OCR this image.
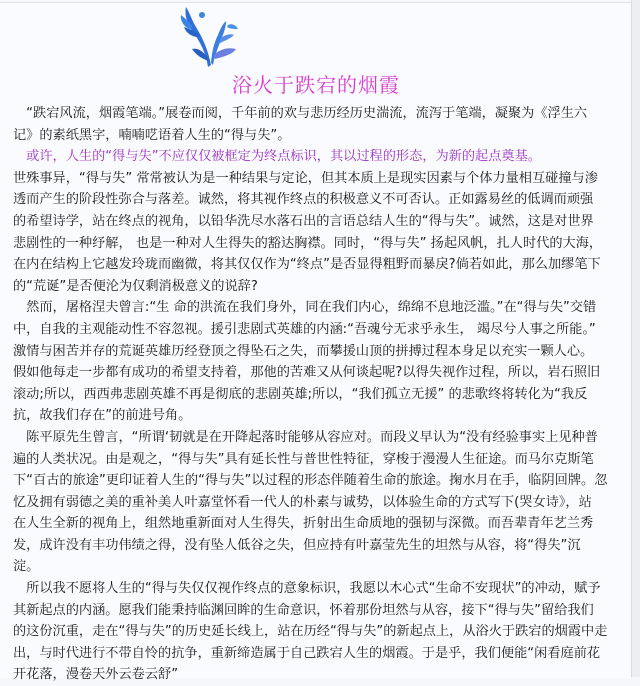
浴火于跌宕的烟霞
　“跌宕风流，烟霞笔端。”展卷而阅，千年前的欢与悲历经历史湍流，流泻于笔端，凝聚为《浮生六
记》的素纸黑字，喃喃呓语着人生的“得与失”。
　或许，人生的“得与失”不应仅仅被框定为终点标识，其以过程的形态，为新的起点奠基。
世殊事异，“得与失” 常常被认为是一种结果与定论，但其本质上是现实因素与个体力量相互碰撞与渗
透而产生的阶段性弥合与落差。诚然，将其视作终点的积极意义不可否认。正如露易丝的低调而顽强
的希望诗学，站在终点的视角，以铅华洗尽水落石出的言语总结人生的“得与失”。诚然，这是对世界
悲剧性的一种纾解， 也是一种对人生得失的豁达胸襟。同时，“得与失” 扬起风帆，扎人时代的大海，
在内在结构上它越发玲珑而幽微，将其仅仅作为“终点”是否显得粗野而暴戾?倘若如此，那么加缪笔下
的“荒诞”是否便沦为仅剩消极意义的说辞?
　然而，屠格涅夫曾言:“生 命的洪流在我们身外，同在我们内心，绵绵不息地泛滥。”在“得与失”交错
中，自我的主观能动性不容忽视。援引悲剧式英雄的内涵:“吾魂兮无求乎永生， 竭尽兮人事之所能。”
激情与困苦并存的荒诞英雄历经登顶之得坠石之失，而攀援山顶的拼搏过程本身足以充实一颗人心。
假如他每走一步都有成功的希望支持着，那他的苦难又从何谈起呢?以得失视作过程，所以，岩石照旧
滚动;所以，西西弗悲剧英雄不再是彻底的悲剧英雄;所以，“我们孤立无援” 的悲歌终将转化为“我反
抗，故我们存在”的前进号角。
　陈平原先生曾言，“所谓‘韧就是在开降起落时能够从容应对。而段义早认为“没有经验事实上见种普
遍的人类状况。由是观之，“得与失”具有延长性与普世性特征，穿梭于漫漫人生征途。而马尔克斯笔
下“百古的旅途”更印证着人生的“得与失”以过程的形态伴随着生命的旅途。掬水月在手，临阴回牌。忽
忆及拥有弱德之美的重补美人叶嘉堂怀看一代人的朴素与诚势，以体验生命的方式写下(哭女诗》，站
在人生全新的视角上，组然地重新面对人生得失，折射出生命质地的强韧与深微。而吾辈青年艺兰秀
发，成许没有丰功伟绩之得，没有坠人低谷之失，但应持有叶嘉莹先生的坦然与从容，将“得失”沉
淀。
　所以我不愿将人生的“得与失仅仅视作终点的意象标识，我愿以木心式“生命不安现状”的冲动，赋予
其新起点的内涵。愿我们能秉持临渊回眸的生命意识，怀着那份坦然与从容，接下“得与失”留给我们
的这份沉重，走在“得与失”的历史延长线上，站在历经“得与失”的新起点上，从浴火于跌宕的烟霞中走
出，与时代进行不带自怜的抗争，重新缔造属于自己跌宕人生的烟霞。于是乎，我们便能“闲看庭前花
开花落，漫卷天外云卷云舒”
